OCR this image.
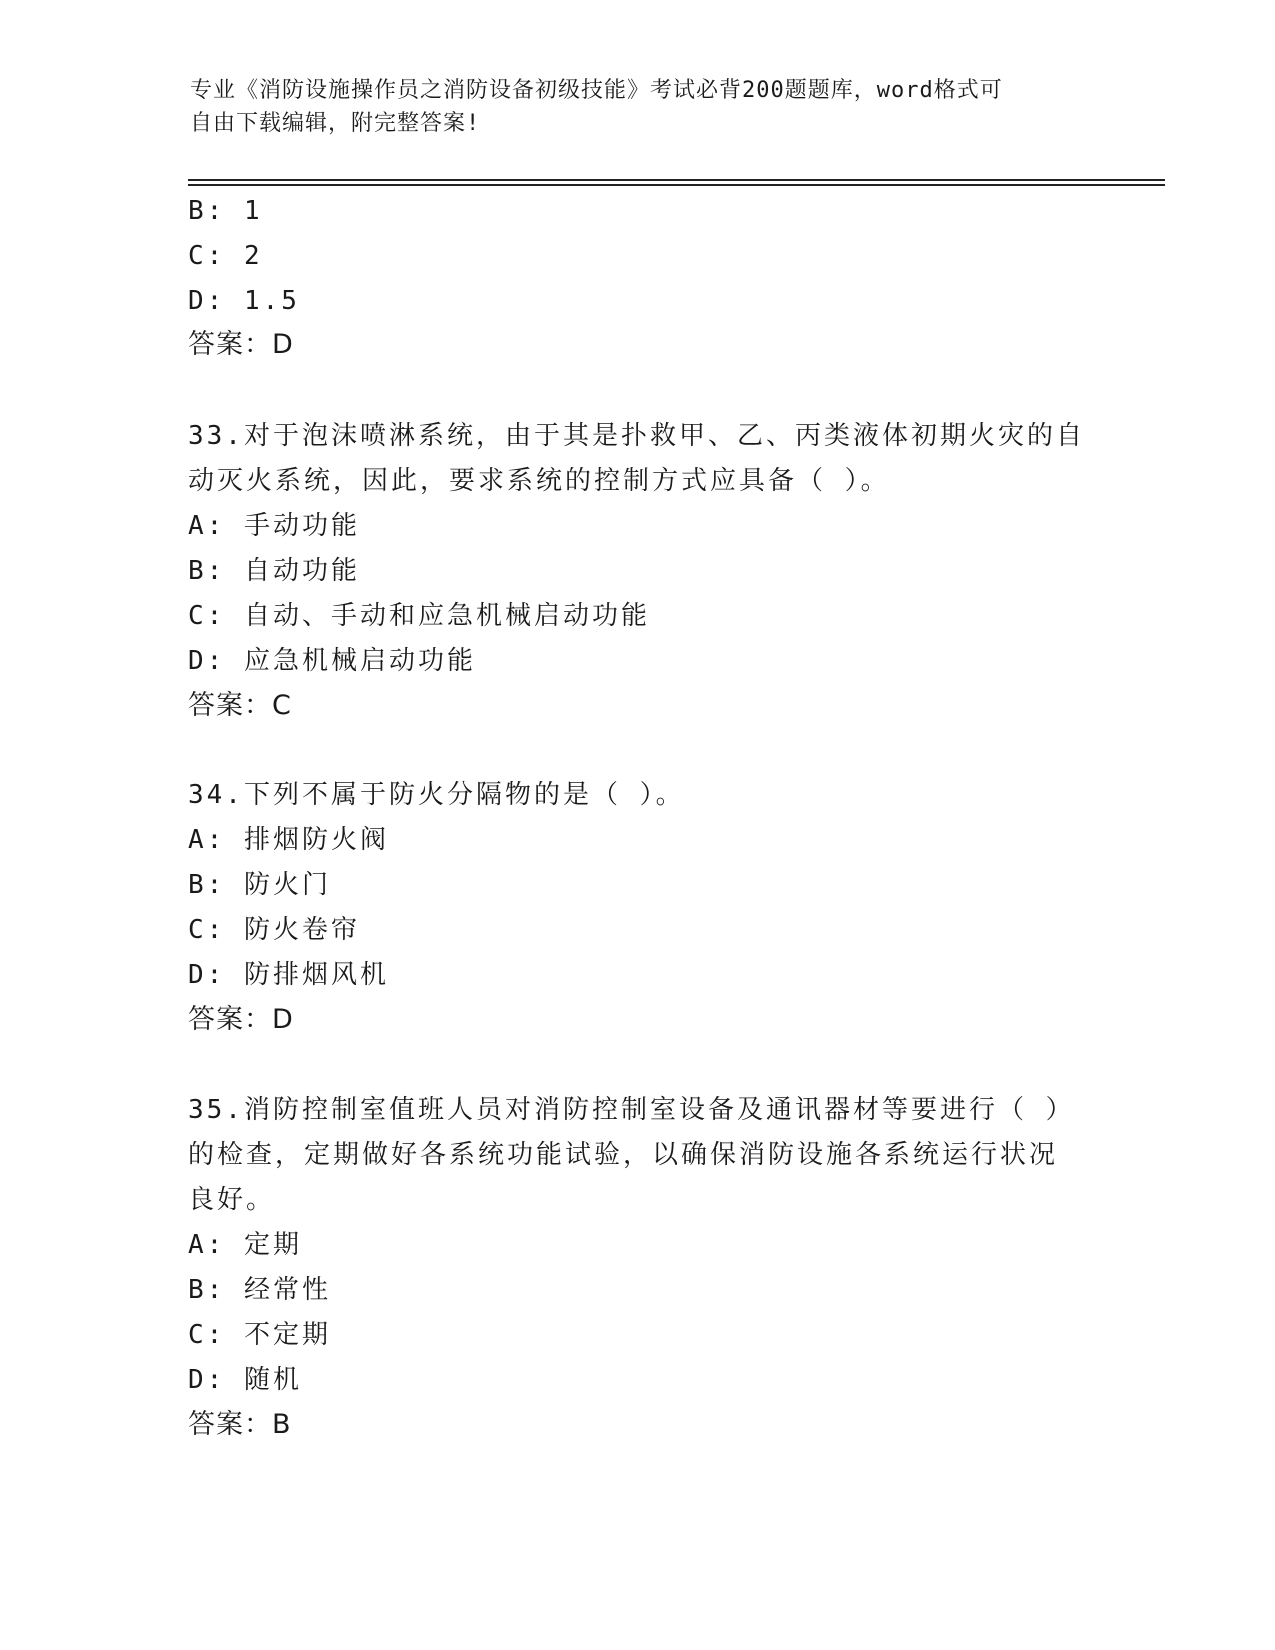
专业《消防设施操作员之消防设备初级技能》考试必背200题题库，word格式可
自由下载编辑，附完整答案!
B: 1
C: 2
D: 1.5
答案：D
33.对于泡沫喷淋系统，由于其是扑救甲、乙、丙类液体初期火灾的自
动灭火系统，因此，要求系统的控制方式应具备（ ）。
A: 手动功能
B: 自动功能
C: 自动、手动和应急机械启动功能
D: 应急机械启动功能
答案：C
34.下列不属于防火分隔物的是（ ）。
A: 排烟防火阀
B: 防火门
C: 防火卷帘
D: 防排烟风机
答案：D
35.消防控制室值班人员对消防控制室设备及通讯器材等要进行（ ）
的检查，定期做好各系统功能试验，以确保消防设施各系统运行状况
良好。
A: 定期
B: 经常性
C: 不定期
D: 随机
答案：B
